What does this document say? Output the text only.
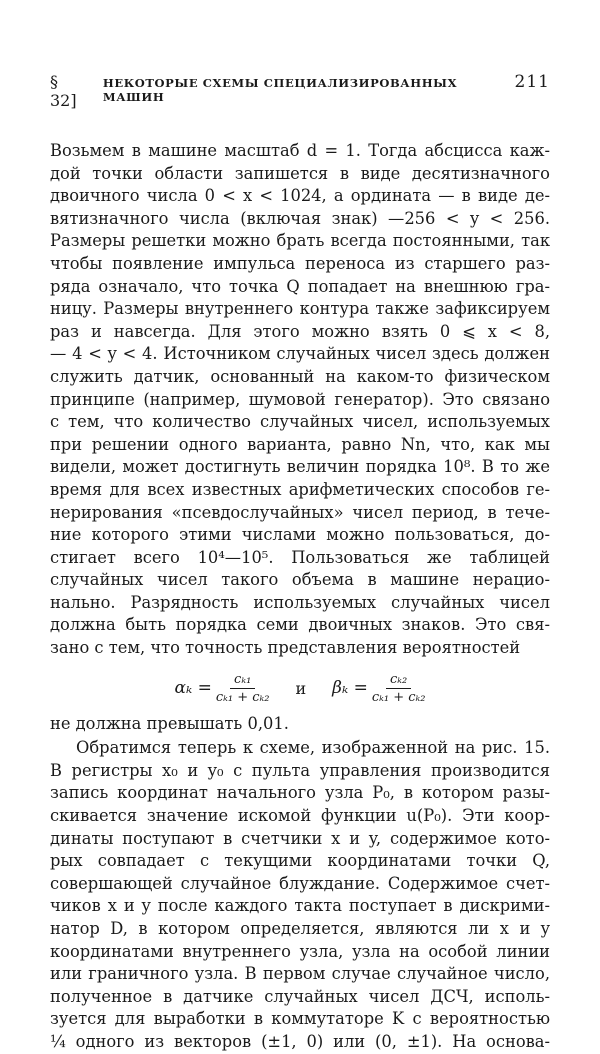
§ 32]
НЕКОТОРЫЕ СХЕМЫ СПЕЦИАЛИЗИРОВАННЫХ МАШИН
211
Возьмем в машине масштаб d = 1. Тогда абсцисса каж-
дой точки области запишется в виде десятизначного
двоичного числа 0 < x < 1024, а ордината — в виде де-
вятизначного числа (включая знак) —256 < y < 256.
Размеры решетки можно брать всегда постоянными, так
чтобы появление импульса переноса из старшего раз-
ряда означало, что точка Q попадает на внешнюю гра-
ницу. Размеры внутреннего контура также зафиксируем
раз и навсегда. Для этого можно взять 0 ⩽ x < 8,
— 4 < y < 4. Источником случайных чисел здесь должен
служить датчик, основанный на каком-то физическом
принципе (например, шумовой генератор). Это связано
с тем, что количество случайных чисел, используемых
при решении одного варианта, равно Nn, что, как мы
видели, может достигнуть величин порядка 10⁸. В то же
время для всех известных арифметических способов ге-
нерирования «псевдослучайных» чисел период, в тече-
ние которого этими числами можно пользоваться, до-
стигает всего 10⁴—10⁵. Пользоваться же таблицей
случайных чисел такого объема в машине нерацио-
нально. Разрядность используемых случайных чисел
должна быть порядка семи двоичных знаков. Это свя-
зано с тем, что точность представления вероятностей
$\alpha_k = \frac{\text{cₖ₁}}{\text{cₖ₁ + cₖ₂}}$	и	$\beta_k = \frac{\text{cₖ₂}}{\text{cₖ₁ + cₖ₂}}$
не должна превышать 0,01.
Обратимся теперь к схеме, изображенной на рис. 15.
В регистры x₀ и y₀ с пульта управления производится
запись координат начального узла P₀, в котором разы-
скивается значение искомой функции u(P₀). Эти коор-
динаты поступают в счетчики x и y, содержимое кото-
рых совпадает с текущими координатами точки Q,
совершающей случайное блуждание. Содержимое счет-
чиков x и y после каждого такта поступает в дискрими-
натор D, в котором определяется, являются ли x и y
координатами внутреннего узла, узла на особой линии
или граничного узла. В первом случае случайное число,
полученное в датчике случайных чисел ДСЧ, исполь-
зуется для выработки в коммутаторе K с вероятностью
¼ одного из векторов (±1, 0) или (0, ±1). На основа-
